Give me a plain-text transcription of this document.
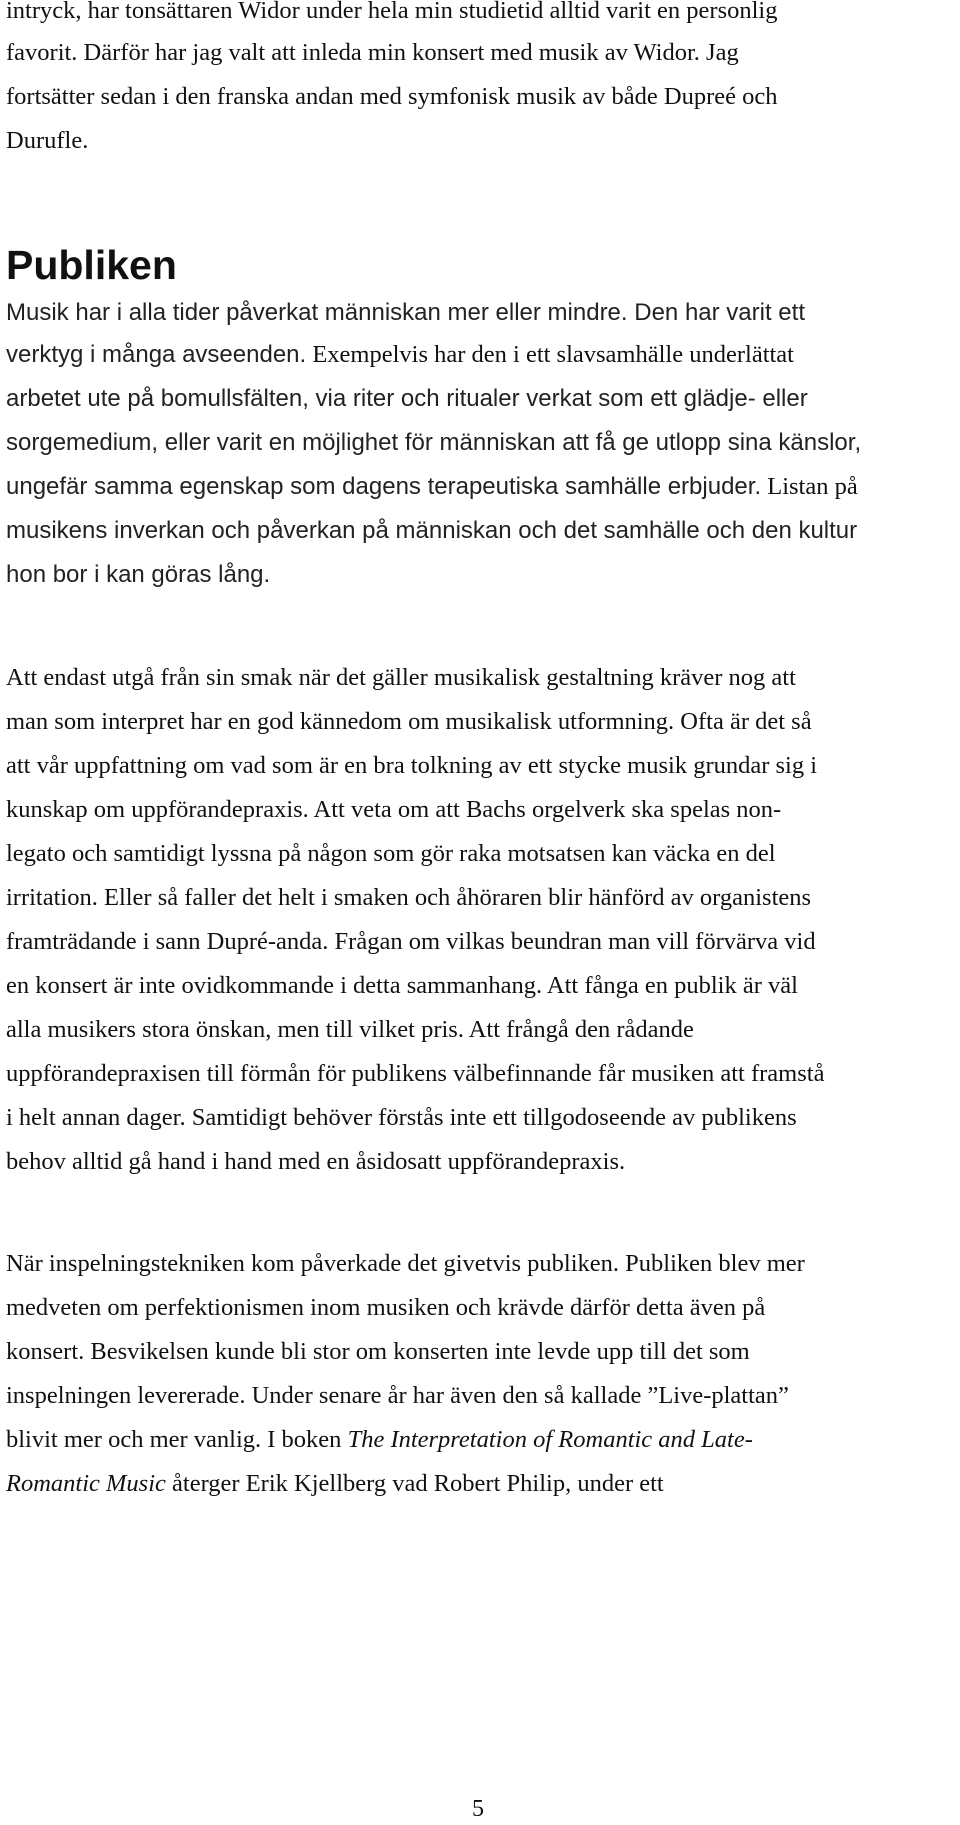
intryck, har tonsättaren Widor under hela min studietid alltid varit en personlig
favorit. Därför har jag valt att inleda min konsert med musik av Widor. Jag
fortsätter sedan i den franska andan med symfonisk musik av både Dupreé och
Durufle.
Publiken
Musik har i alla tider påverkat människan mer eller mindre. Den har varit ett
verktyg i många avseenden. Exempelvis har den i ett slavsamhälle underlättat
arbetet ute på bomullsfälten, via riter och ritualer verkat som ett glädje- eller
sorgemedium, eller varit en möjlighet för människan att få ge utlopp sina känslor,
ungefär samma egenskap som dagens terapeutiska samhälle erbjuder. Listan på
musikens inverkan och påverkan på människan och det samhälle och den kultur
hon bor i kan göras lång.
Att endast utgå från sin smak när det gäller musikalisk gestaltning kräver nog att
man som interpret har en god kännedom om musikalisk utformning. Ofta är det så
att vår uppfattning om vad som är en bra tolkning av ett stycke musik grundar sig i
kunskap om uppförandepraxis. Att veta om att Bachs orgelverk ska spelas non-
legato och samtidigt lyssna på någon som gör raka motsatsen kan väcka en del
irritation. Eller så faller det helt i smaken och åhöraren blir hänförd av organistens
framträdande i sann Dupré-anda. Frågan om vilkas beundran man vill förvärva vid
en konsert är inte ovidkommande i detta sammanhang. Att fånga en publik är väl
alla musikers stora önskan, men till vilket pris. Att frångå den rådande
uppförandepraxisen till förmån för publikens välbefinnande får musiken att framstå
i helt annan dager. Samtidigt behöver förstås inte ett tillgodoseende av publikens
behov alltid gå hand i hand med en åsidosatt uppförandepraxis.
När inspelningstekniken kom påverkade det givetvis publiken. Publiken blev mer
medveten om perfektionismen inom musiken och krävde därför detta även på
konsert. Besvikelsen kunde bli stor om konserten inte levde upp till det som
inspelningen levererade. Under senare år har även den så kallade ”Live-plattan”
blivit mer och mer vanlig. I boken The Interpretation of Romantic and Late-
Romantic Music återger Erik Kjellberg vad Robert Philip, under ett
5
